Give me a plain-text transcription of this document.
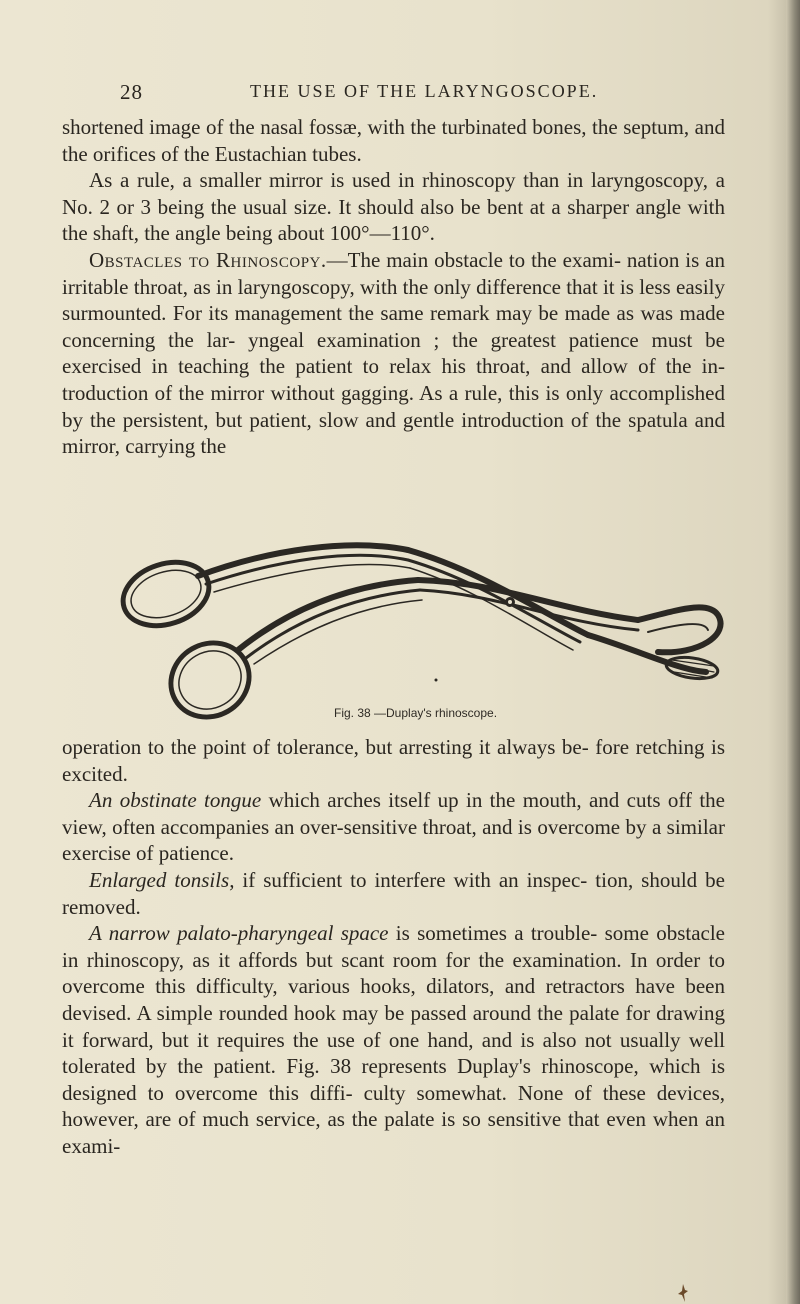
28	THE USE OF THE LARYNGOSCOPE.

shortened image of the nasal fossæ, with the turbinated bones, the septum, and the orifices of the Eustachian tubes.

As a rule, a smaller mirror is used in rhinoscopy than in laryngoscopy, a No. 2 or 3 being the usual size. It should also be bent at a sharper angle with the shaft, the angle being about 100°—110°.

Obstacles to Rhinoscopy.—The main obstacle to the exami- nation is an irritable throat, as in laryngoscopy, with the only difference that it is less easily surmounted. For its management the same remark may be made as was made concerning the lar- yngeal examination ; the greatest patience must be exercised in teaching the patient to relax his throat, and allow of the in- troduction of the mirror without gagging. As a rule, this is only accomplished by the persistent, but patient, slow and gentle introduction of the spatula and mirror, carrying the

Fig. 38 —Duplay's rhinoscope.

operation to the point of tolerance, but arresting it always be- fore retching is excited.

An obstinate tongue which arches itself up in the mouth, and cuts off the view, often accompanies an over-sensitive throat, and is overcome by a similar exercise of patience.

Enlarged tonsils, if sufficient to interfere with an inspec- tion, should be removed.

A narrow palato-pharyngeal space is sometimes a trouble- some obstacle in rhinoscopy, as it affords but scant room for the examination. In order to overcome this difficulty, various hooks, dilators, and retractors have been devised. A simple rounded hook may be passed around the palate for drawing it forward, but it requires the use of one hand, and is also not usually well tolerated by the patient. Fig. 38 represents Duplay's rhinoscope, which is designed to overcome this diffi- culty somewhat. None of these devices, however, are of much service, as the palate is so sensitive that even when an exami-
